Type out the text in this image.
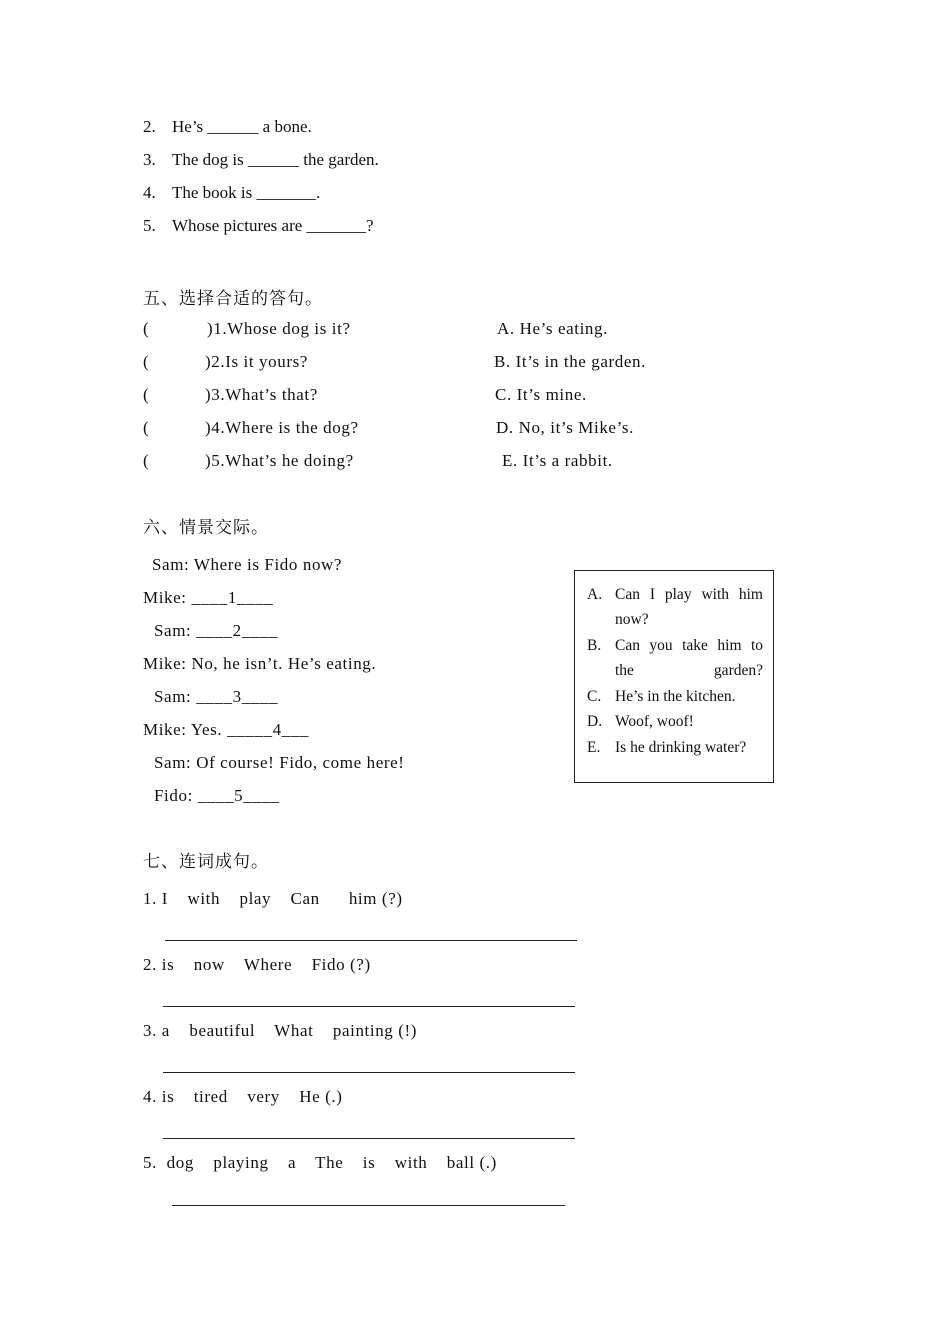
2. He’s ______ a bone.
3. The dog is ______ the garden.
4. The book is _______.
5. Whose pictures are _______?
五、选择合适的答句。
(	)1.Whose dog is it?	A. He’s eating.
(	)2.Is it yours?	B. It’s in the garden.
(	)3.What’s that?	C. It’s mine.
(	)4.Where is the dog?	D. No, it’s Mike’s.
(	)5.What’s he doing?	E. It’s a rabbit.
六、情景交际。
Sam: Where is Fido now?
Mike: ____1____
Sam: ____2____
Mike: No, he isn’t. He’s eating.
Sam: ____3____
Mike: Yes. _____4___
Sam: Of course! Fido, come here!
Fido: ____5____
A. Can I play with him now?
B. Can you take him to the garden?
C. He’s in the kitchen.
D. Woof, woof!
E. Is he drinking water?
七、连词成句。
1. I    with    play    Can      him (?)
2. is    now    Where    Fido (?)
3. a    beautiful    What    painting (!)
4. is    tired    very    He (.)
5.  dog    playing    a    The    is    with    ball (.)
